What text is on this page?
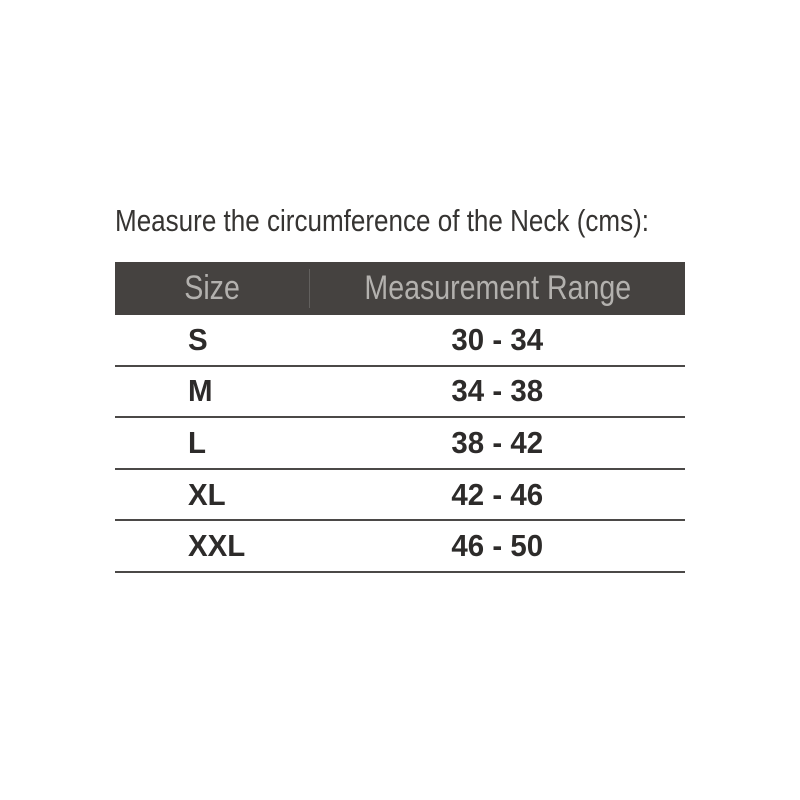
Measure the circumference of the Neck (cms):
Size	Measurement Range
S	30 - 34
M	34 - 38
L	38 - 42
XL	42 - 46
XXL	46 - 50
